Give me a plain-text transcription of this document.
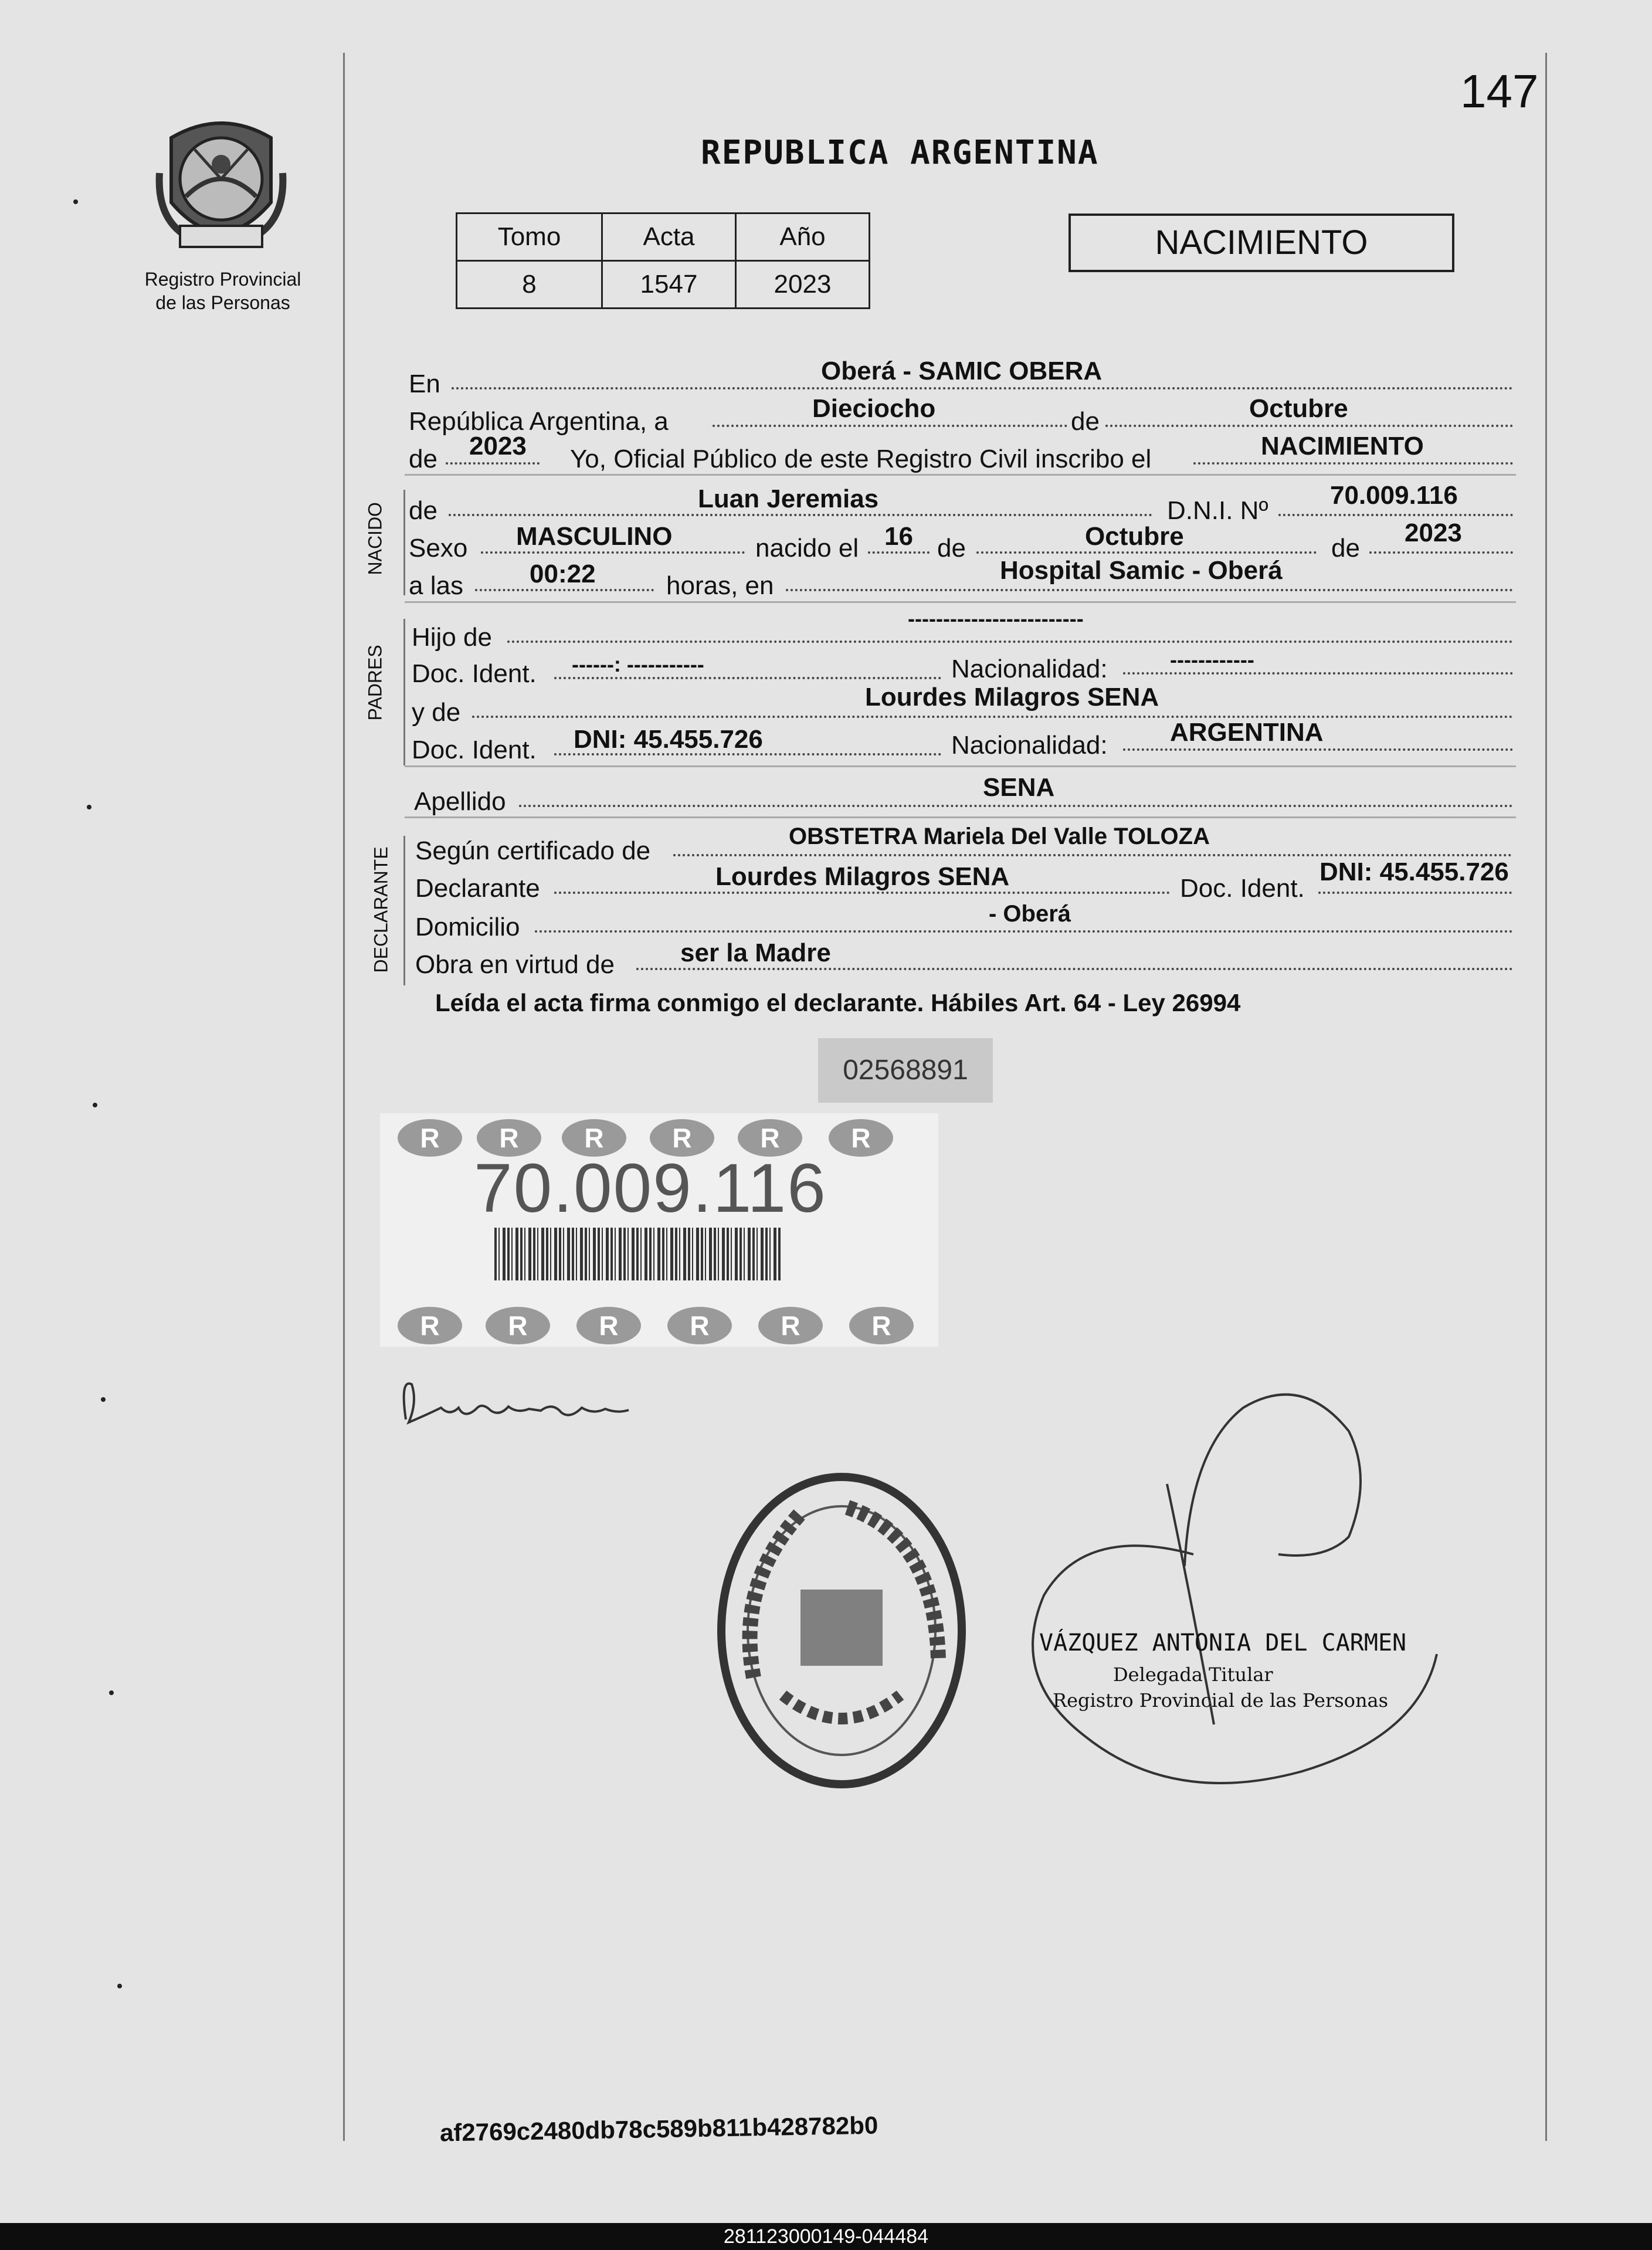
147
Registro Provincial
de las Personas
REPUBLICA ARGENTINA
Tomo	Acta	Año
8	1547	2023
NACIMIENTO
En	Oberá - SAMIC OBERA
República Argentina, a	Dieciocho	de	Octubre
de 2023 Yo, Oficial Público de este Registro Civil inscribo el	NACIMIENTO
NACIDO de	Luan Jeremias	D.N.I. Nº
70.009.116
Sexo MASCULINO	nacido el 16 de	Octubre	de
2023
a las	00:22	horas, en
Hospital Samic - Oberá
PADRES
Hijo de
-------------------------
Doc. Ident. ------: -----------	Nacionalidad:	------------
y de
Lourdes Milagros SENA
Doc. Ident. DNI: 45.455.726	Nacionalidad: ARGENTINA
Apellido	SENA
DECLARANTE Según certificado de	OBSTETRA Mariela Del Valle TOLOZA
Declarante	Lourdes Milagros SENA	Doc. Ident.
DNI: 45.455.726
Domicilio	- Oberá
Obra en virtud de	ser la Madre
Leída el acta firma conmigo el declarante. Hábiles Art. 64 - Ley 26994
02568891
R	R	R	R	R	R
70.009.116
R	R	R	R	R	R
VÁZQUEZ ANTONIA DEL CARMEN
Delegada Titular
Registro Provincial de las Personas
af2769c2480db78c589b811b428782b0
281123000149-044484
